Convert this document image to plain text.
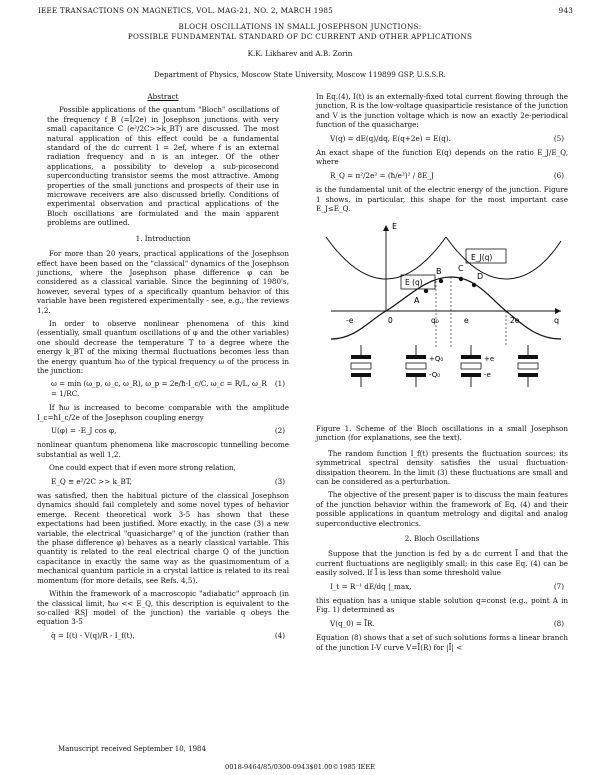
IEEE TRANSACTIONS ON MAGNETICS, VOL. MAG-21, NO. 2, MARCH 1985	943
BLOCH OSCILLATIONS IN SMALL JOSEPHSON JUNCTIONS:
POSSIBLE FUNDAMENTAL STANDARD OF DC CURRENT AND OTHER APPLICATIONS
K.K. Likharev and A.B. Zorin
Department of Physics, Moscow State University, Moscow 119899 GSP, U.S.S.R.
Abstract

Possible applications of the quantum "Bloch" oscillations of the frequency f_B (=Ī/2e) in Josephson junctions with very small capacitance C (e²/2C>>k_BT) are discussed. The most natural application of this effect could be a fundamental standard of the dc current I = 2ef, where f is an external radiation frequency and n is an integer. Of the other applications, a possibility to develop a sub-picosecond superconducting transistor seems the most attractive. Among properties of the small junctions and prospects of their use in microwave receivers are also discussed briefly. Conditions of experimental observation and practical applications of the Bloch oscillations are formulated and the main apparent problems are outlined.

1. Introduction

For more than 20 years, practical applications of the Josephson effect have been based on the "classical" dynamics of the Josephson junctions, where the Josephson phase difference φ can be considered as a classical variable. Since the beginning of 1980's, however, several types of a specifically quantum behavior of this variable have been registered experimentally - see, e.g., the reviews 1,2.

In order to observe nonlinear phenomena of this kind (essentially, small quantum oscillations of φ and the other variables) one should decrease the temperature T to a degree where the energy k_BT of the mixing thermal fluctuations becomes less than the energy quantum ħω of the typical frequency ω of the process in the junction:

ω = min (ω_p, ω_c, ω_R), ω_p = 2e/ħ·I_c/C, ω_c = R/L, ω_R = 1/RC.
(1)

If ħω is increased to become comparable with the amplitude I_c=ħI_c/2e of the Josephson coupling energy

U(φ) = -E_J cos φ,	(2)

nonlinear quantum phenomena like macroscopic tunnelling become substantial as well 1,2.

One could expect that if even more strong relation,

E_Q ≡ e²/2C >> k_BT,	(3)

was satisfied, then the habitual picture of the classical Josephson dynamics should fail completely and some novel types of behavior emerge. Recent theoretical work 3-5 has shown that these expectations had been justified. More exactly, in the case (3) a new variable, the electrical "quasicharge" q of the junction (rather than the phase difference φ) behaves as a nearly classical variable. This quantity is related to the real electrical charge Q of the junction capacitance in exactly the same way as the quasimomentum of a mechanical quantum particle in a crystal lattice is related to its real momentum (for more details, see Refs. 4,5).

Within the framework of a macroscopic "adiabatic" approach (in the classical limit, ħω << E_Q, this description is equivalent to the so-called RSJ model of the junction) the variable q obeys the equation 3-5

q̇ = I(t) - V(q)/R - I_f(t),	(4)

In Eq.(4), I(t) is an externally-fixed total current flowing through the junction, R is the low-voltage quasiparticle resistance of the junction and V is the junction voltage which is now an exactly 2e-periodical function of the quasicharge:

V(q) = dE(q)/dq, E(q+2e) = E(q).	(5)

An exact shape of the function E(q) depends on the ratio E_J/E_Q, where

R_Q = π²/2e² = (ħ/e²)² / 8E_J	(6)

is the fundamental unit of the electric energy of the junction. Figure 1 shows, in particular, this shape for the most important case E_J≤E_Q.

E
q
E_J(q)
E (q)
A
B C
D
-e	0	q₀	e	2e
+Q₀
-Q₀
+e
-e

Figure 1. Scheme of the Bloch oscillations in a small Josephson junction (for explanations, see the text).

The random function I_f(t) presents the fluctuation sources; its symmetrical spectral density satisfies the usual fluctuation-dissipation theorem. In the limit (3) these fluctuations are small and can be considered as a perturbation.

The objective of the present paper is to discuss the main features of the junction behavior within the framework of Eq. (4) and their possible applications in quantum metrology and digital and analog superconductive electronics.

2. Bloch Oscillations

Suppose that the junction is fed by a dc current Ī and that the current fluctuations are negligibly small; in this case Eq. (4) can be easily solved. If Ī is less than some threshold value

I_t = R⁻¹ dE/dq |_max,	(7)

this equation has a unique stable solution q=const (e.g., point A in Fig. 1) determined as

V(q_0) = ĪR.	(8)

Equation (8) shows that a set of such solutions forms a linear branch of the junction I-V curve V=Ī(R) for |Ī| <

Manuscript received September 10, 1984
0018-9464/85/0300-0943$01.00©1985 IEEE
